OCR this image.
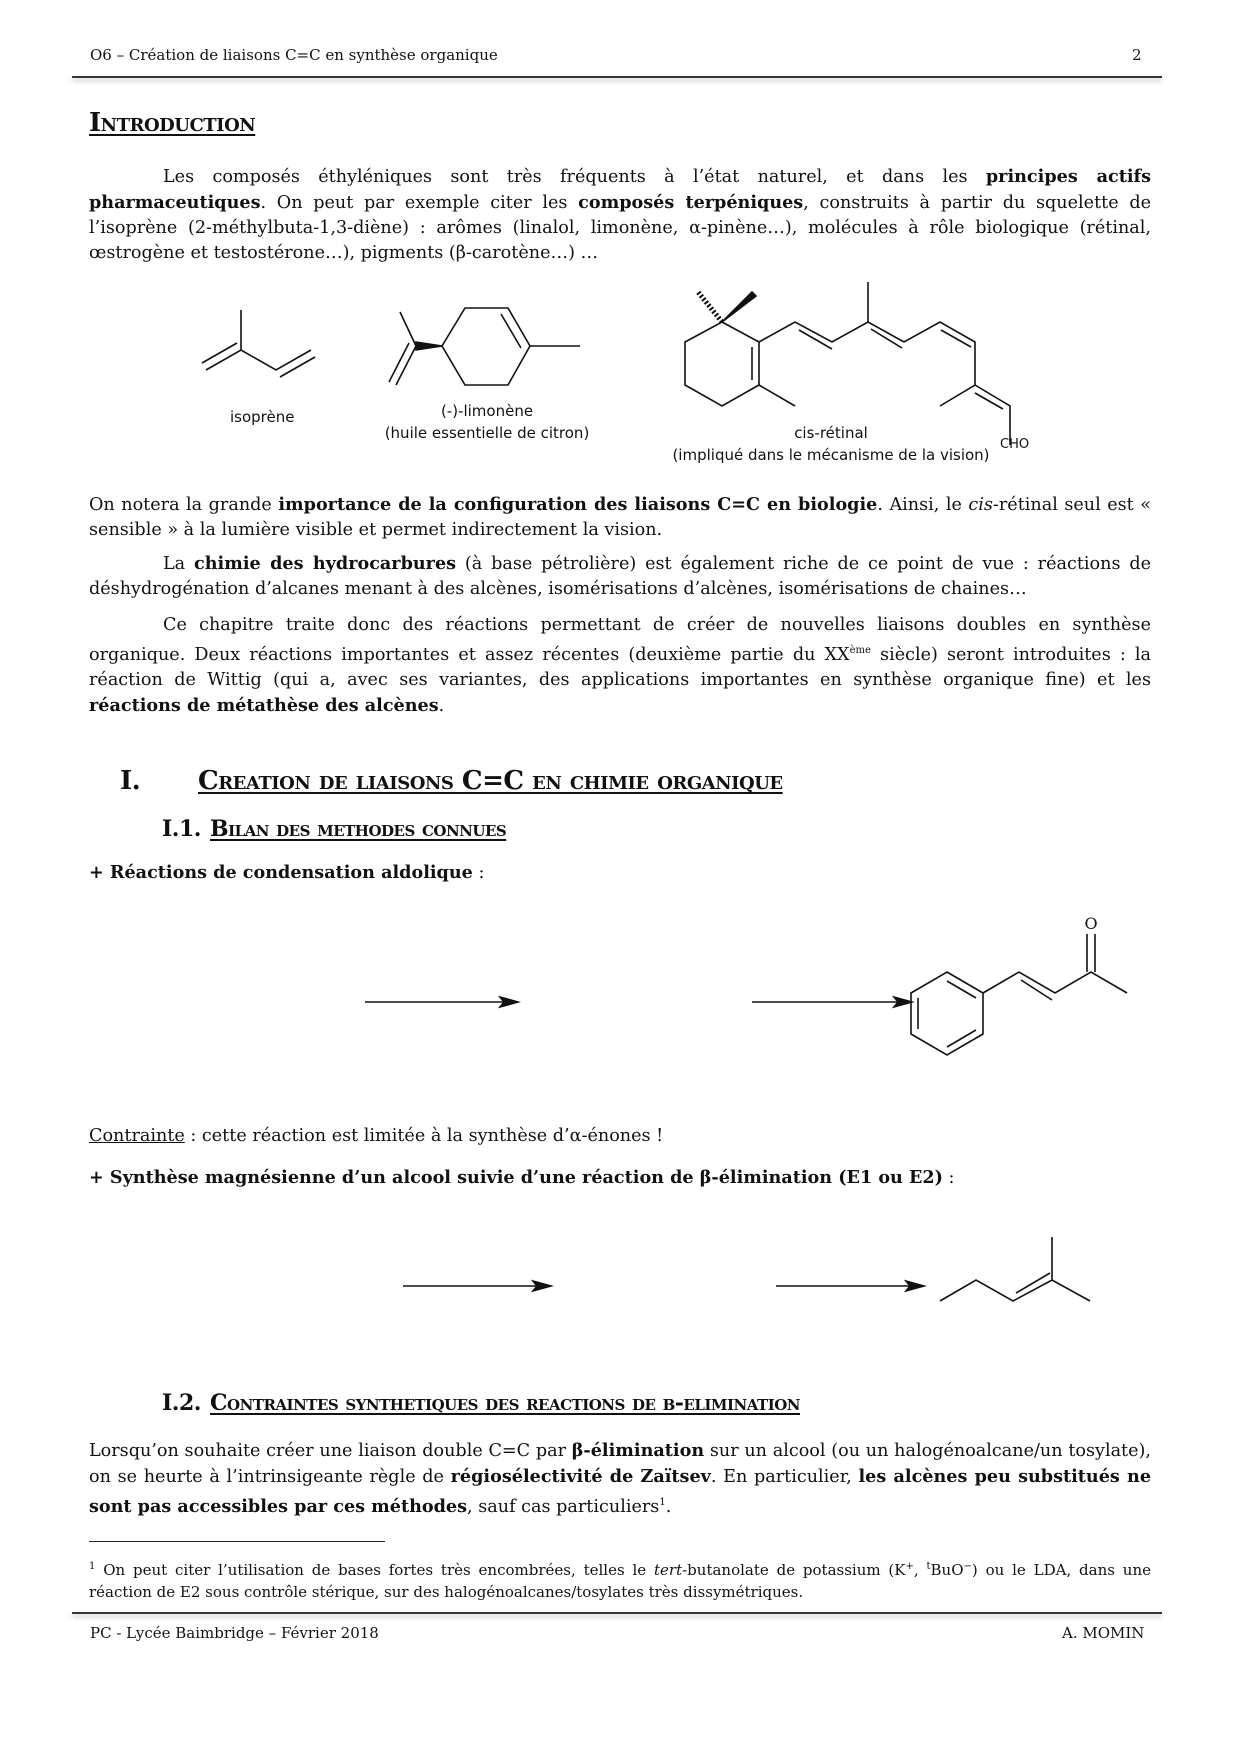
O6 – Création de liaisons C=C en synthèse organique	2
Introduction
Les composés éthyléniques sont très fréquents à l’état naturel, et dans les principes actifs pharmaceutiques. On peut par exemple citer les composés terpéniques, construits à partir du squelette de l’isoprène (2-méthylbuta-1,3-diène) : arômes (linalol, limonène, α-pinène…), molécules à rôle biologique (rétinal, œstrogène et testostérone…), pigments (β-carotène…) …
isoprène	(-)-limonène
(huile essentielle de citron)	cis-rétinal
(impliqué dans le mécanisme de la vision)
CHO
On notera la grande importance de la configuration des liaisons C=C en biologie. Ainsi, le cis-rétinal seul est « sensible » à la lumière visible et permet indirectement la vision.
La chimie des hydrocarbures (à base pétrolière) est également riche de ce point de vue : réactions de déshydrogénation d’alcanes menant à des alcènes, isomérisations d’alcènes, isomérisations de chaines…
Ce chapitre traite donc des réactions permettant de créer de nouvelles liaisons doubles en synthèse organique. Deux réactions importantes et assez récentes (deuxième partie du XXème siècle) seront introduites : la réaction de Wittig (qui a, avec ses variantes, des applications importantes en synthèse organique fine) et les réactions de métathèse des alcènes.
I. Creation de liaisons C=C en chimie organique
I.1. Bilan des methodes connues
+ Réactions de condensation aldolique :
O
Contrainte : cette réaction est limitée à la synthèse d’α-énones !
+ Synthèse magnésienne d’un alcool suivie d’une réaction de β-élimination (E1 ou E2) :
I.2. Contraintes synthetiques des reactions de β-elimination
Lorsqu’on souhaite créer une liaison double C=C par β-élimination sur un alcool (ou un halogénoalcane/un tosylate), on se heurte à l’intrinsigeante règle de régiosélectivité de Zaïtsev. En particulier, les alcènes peu substitués ne sont pas accessibles par ces méthodes, sauf cas particuliers$^1$.
$^1$ On peut citer l’utilisation de bases fortes très encombrées, telles le tert-butanolate de potassium (K+, $^t$BuO−) ou le LDA, dans une réaction de E2 sous contrôle stérique, sur des halogénoalcanes/tosylates très dissymétriques.
PC - Lycée Baimbridge – Février 2018	A. MOMIN
